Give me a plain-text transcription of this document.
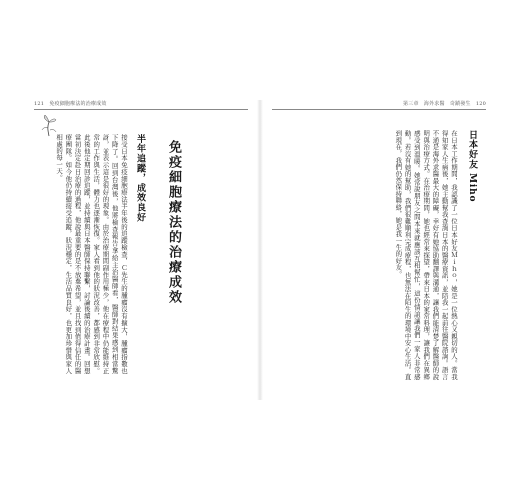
121　免疫細胞療法的治療成效
免疫細胞療法的治療成效
半年追蹤，成效良好
接受日本免疫細胞療法半年後的追蹤檢查，Ｃ先生的腫瘤沒有擴大，腫瘤指數也下降了。回到台灣後，他將檢查報告拿給主治醫師看，醫師對結果感到相當驚訝，並表示這是很好的現象。由於治療期間副作用極少，他在療程中仍能維持正常的工作與生活，體力也逐漸恢復。家人看到他的狀況改善，都感到非常欣慰。此後他定期回診追蹤，並持續與日本醫師保持聯繫，討論後續的治療計畫。回想當初決定赴日治療的過程，他說最重要的是不放棄希望，並且找到值得信任的醫療團隊。如今他仍持續接受追蹤，狀況穩定，生活品質良好，也更加珍惜與家人相處的每一天。
第三章　海外求醫　奇蹟發生　120
日本好友 Miho
在日本工作期間，我認識了一位日本好友Ｍｉｈｏ，她是一位熱心又親切的人。當我得知家人生病後，她主動幫我查詢日本的醫療資訊，並陪我一起前往醫院諮詢。語言不通是海外求醫最大的障礙，幸好有她協助翻譯與溝通，讓我們能清楚了解醫師的說明與治療方式。在治療期間，她也經常來探望，帶來日本的家常料理，讓我們在異鄉感受到溫暖。她常說朋友之間本來就應該互相幫忙，這份情誼讓我們一家人非常感動。若沒有她的幫助，我們很難順利完成療程，也無法在陌生的環境中安心生活。直到現在，我們仍然保持聯絡，她是我一生的好友。
